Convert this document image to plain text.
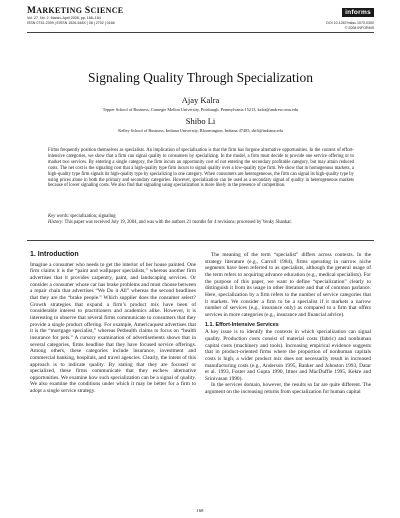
MARKETING SCIENCE
Vol. 27, No. 2, March–April 2008, pp. 168–184
ISSN 0732-2399 | EISSN 1526-548X | 08 | 2702 | 0168
informs
DOI 10.1287/mksc.1070.0300
© 2008 INFORMS
Signaling Quality Through Specialization
Ajay Kalra
Tepper School of Business, Carnegie Mellon University, Pittsburgh, Pennsylvania 15213, kalra@andrew.cmu.edu
Shibo Li
Kelley School of Business, Indiana University, Bloomington, Indiana 47405, shili@indiana.edu
Firms frequently position themselves as specialists. An implication of specialization is that the firm has forgone alternative opportunities. In the context of effort-intensive categories, we show that a firm can signal quality to consumers by specializing. In the model, a firm must decide to provide one service offering or to market two services. By entering a single category, the firm incurs an opportunity cost of not entering the secondary profitable category, but may attain reduced costs. The net cost is the signaling cost that a high-quality type firm incurs to signal quality over a low-quality type firm. We show that in homogenous markets, a high-quality type firm signals its high-quality type by specializing in one category. When consumers are heterogeneous, the firm can signal its high-quality type by using prices alone in both the primary and secondary categories. However, specialization can be used as a secondary signal of quality in heterogeneous markets because of lower signaling costs. We also find that signaling using specialization is more likely in the presence of competition.
Key words: specialization; signaling
History: This paper was received July 19, 2004, and was with the authors 21 months for 4 revisions; processed by Venky Shankar.
1. Introduction

Imagine a consumer who needs to get the interior of her house painted. One firm claims it is the “paint and wallpaper specialists,” whereas another firm advertises that it provides carpentry, paint, and landscaping services. Or consider a consumer whose car has brake problems and must choose between a repair chain that advertises “We Do it All” whereas the second headlines that they are the “brake people.” Which supplier does the consumer select? Growth strategies that expand a firm’s product mix have been of considerable interest to practitioners and academics alike. However, it is interesting to observe that several firms communicate to consumers that they provide a single product offering. For example, Americaquest advertises that it is the “mortgage specialist,” whereas Petbealth claims to focus on “health insurance for pets.” A cursory examination of advertisements shows that in several categories, firms headline that they have focused service offerings. Among others, these categories include insurance, investment and commercial banking, hospitals, and travel agencies. Clearly, the intent of this approach is to indicate quality. By stating that they are focused or specialized, these firms communicate that they eschew alternative opportunities. We examine how such specialization can be a signal of quality. We also examine the conditions under which it may be better for a firm to adopt a single service strategy.

The meaning of the term “specialist” differs across contexts. In the strategy literature (e.g., Carroll 1984), firms operating in narrow niche segments have been referred to as specialists, although the general usage of the term refers to acquiring advance education (e.g., medical specialists). For the purpose of this paper, we want to define “specialization” clearly to distinguish it from its usage in other literature and that of common parlance. Here, specialization by a firm refers to the number of service categories that it markets. We consider a firm to be a specialist if it markets a narrow number of services (e.g., insurance only) as compared to a firm that offers services in more categories (e.g., insurance and financial advice).

1.1. Effort-Intensive Services

A key issue is to identify the contexts in which specialization can signal quality. Production costs consist of material costs (fabric) and nonhuman capital costs (machinery and tools). Increasing empirical evidence suggests that in product-oriented firms where the proportion of nonhuman capitals costs is high, a wider product mix does not necessarily result in increased manufacturing costs (e.g., Anderson 1995, Banker and Johnston 1993, Datar et al. 1993, Foster and Gupta 1990, Ittner and MacDuffie 1995, Kekre and Srinivasan 1990).

In the services domain, however, the results so far are quite different. The argument on the increasing returns from specialization for human capital

168
